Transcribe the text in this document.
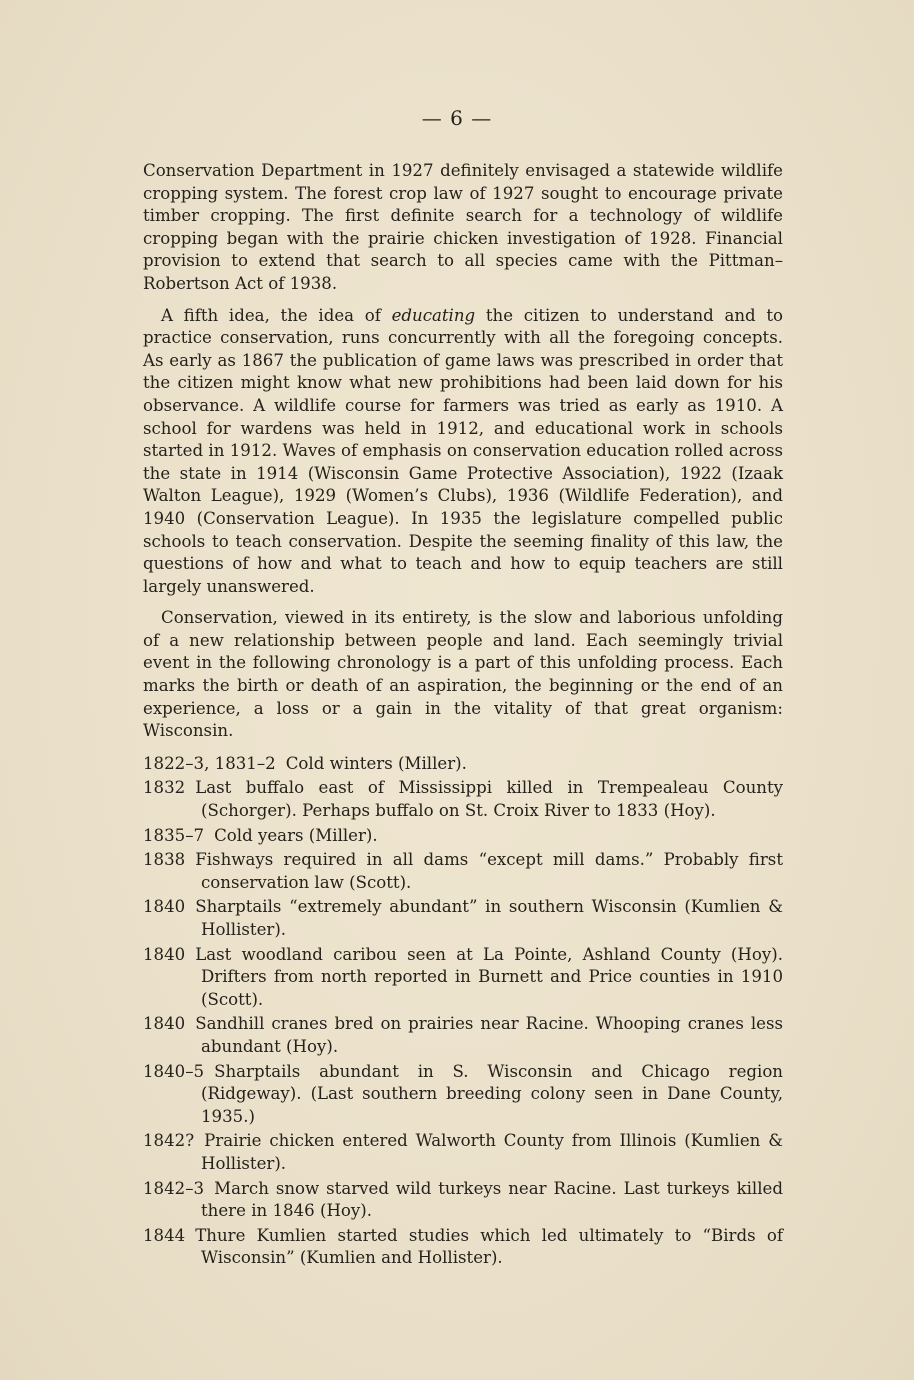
— 6 —

Conservation Department in 1927 definitely envisaged a statewide wildlife cropping system. The forest crop law of 1927 sought to encourage private timber cropping. The first definite search for a technology of wildlife cropping began with the prairie chicken investigation of 1928. Financial provision to extend that search to all species came with the Pittman–Robertson Act of 1938.

A fifth idea, the idea of educating the citizen to understand and to practice conservation, runs concurrently with all the foregoing concepts. As early as 1867 the publication of game laws was prescribed in order that the citizen might know what new prohibitions had been laid down for his observance. A wildlife course for farmers was tried as early as 1910. A school for wardens was held in 1912, and educational work in schools started in 1912. Waves of emphasis on conservation education rolled across the state in 1914 (Wisconsin Game Protective Association), 1922 (Izaak Walton League), 1929 (Women’s Clubs), 1936 (Wildlife Federation), and 1940 (Conservation League). In 1935 the legislature compelled public schools to teach conservation. Despite the seeming finality of this law, the questions of how and what to teach and how to equip teachers are still largely unanswered.

Conservation, viewed in its entirety, is the slow and laborious unfolding of a new relationship between people and land. Each seemingly trivial event in the following chronology is a part of this unfolding process. Each marks the birth or death of an aspiration, the beginning or the end of an experience, a loss or a gain in the vitality of that great organism: Wisconsin.

1822–3, 1831–2 Cold winters (Miller).

1832 Last buffalo east of Mississippi killed in Trempealeau County (Schorger). Perhaps buffalo on St. Croix River to 1833 (Hoy).

1835–7 Cold years (Miller).

1838 Fishways required in all dams “except mill dams.” Probably first conservation law (Scott).

1840 Sharptails “extremely abundant” in southern Wisconsin (Kumlien & Hollister).

1840 Last woodland caribou seen at La Pointe, Ashland County (Hoy). Drifters from north reported in Burnett and Price counties in 1910 (Scott).

1840 Sandhill cranes bred on prairies near Racine. Whooping cranes less abundant (Hoy).

1840–5 Sharptails abundant in S. Wisconsin and Chicago region (Ridgeway). (Last southern breeding colony seen in Dane County, 1935.)

1842? Prairie chicken entered Walworth County from Illinois (Kumlien & Hollister).

1842–3 March snow starved wild turkeys near Racine. Last turkeys killed there in 1846 (Hoy).

1844 Thure Kumlien started studies which led ultimately to “Birds of Wisconsin” (Kumlien and Hollister).
